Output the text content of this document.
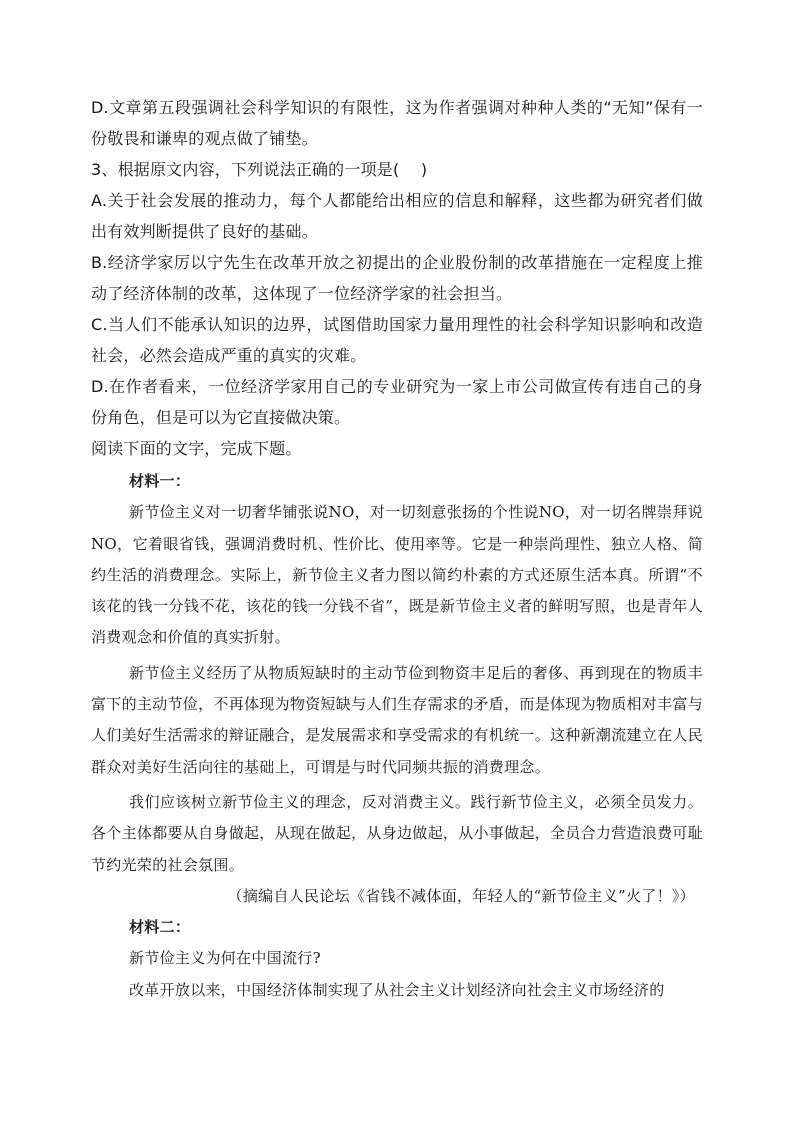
D.文章第五段强调社会科学知识的有限性，这为作者强调对种种人类的“无知”保有一份敬畏和谦卑的观点做了铺垫。

3、根据原文内容，下列说法正确的一项是(　 )

A.关于社会发展的推动力，每个人都能给出相应的信息和解释，这些都为研究者们做出有效判断提供了良好的基础。

B.经济学家厉以宁先生在改革开放之初提出的企业股份制的改革措施在一定程度上推动了经济体制的改革，这体现了一位经济学家的社会担当。

C.当人们不能承认知识的边界，试图借助国家力量用理性的社会科学知识影响和改造社会，必然会造成严重的真实的灾难。

D.在作者看来，一位经济学家用自己的专业研究为一家上市公司做宣传有违自己的身份角色，但是可以为它直接做决策。

阅读下面的文字，完成下题。

材料一：

新节俭主义对一切奢华铺张说NO，对一切刻意张扬的个性说NO，对一切名牌崇拜说NO，它着眼省钱，强调消费时机、性价比、使用率等。它是一种崇尚理性、独立人格、简约生活的消费理念。实际上，新节俭主义者力图以简约朴素的方式还原生活本真。所谓“不该花的钱一分钱不花，该花的钱一分钱不省”，既是新节俭主义者的鲜明写照，也是青年人消费观念和价值的真实折射。

新节俭主义经历了从物质短缺时的主动节俭到物资丰足后的奢侈、再到现在的物质丰富下的主动节俭，不再体现为物资短缺与人们生存需求的矛盾，而是体现为物质相对丰富与人们美好生活需求的辩证融合，是发展需求和享受需求的有机统一。这种新潮流建立在人民群众对美好生活向往的基础上，可谓是与时代同频共振的消费理念。

我们应该树立新节俭主义的理念，反对消费主义。践行新节俭主义，必须全员发力。各个主体都要从自身做起，从现在做起，从身边做起，从小事做起，全员合力营造浪费可耻节约光荣的社会氛围。

（摘编自人民论坛《省钱不减体面，年轻人的“新节俭主义”火了！》）

材料二：

新节俭主义为何在中国流行?

改革开放以来，中国经济体制实现了从社会主义计划经济向社会主义市场经济的
